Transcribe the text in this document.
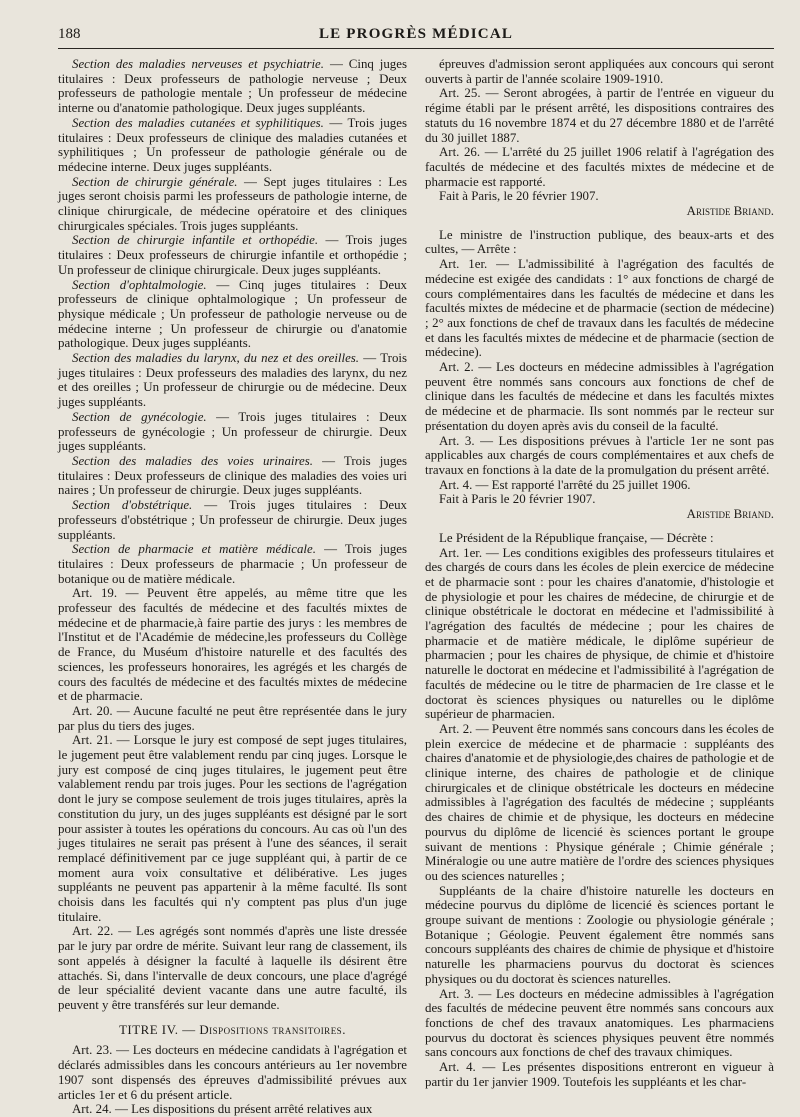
188	LE PROGRÈS MÉDICAL

Section des maladies nerveuses et psychiatrie. — Cinq juges titulaires : Deux professeurs de pathologie nerveuse ; Deux professeurs de pathologie mentale ; Un professeur de médecine interne ou d'anatomie pathologique. Deux juges suppléants.

Section des maladies cutanées et syphilitiques. — Trois juges titulaires : Deux professeurs de clinique des maladies cutanées et syphilitiques ; Un professeur de pathologie générale ou de médecine interne. Deux juges suppléants.

Section de chirurgie générale. — Sept juges titulaires : Les juges seront choisis parmi les professeurs de pathologie interne, de clinique chirurgicale, de médecine opératoire et des cliniques chirurgicales spéciales. Trois juges suppléants.

Section de chirurgie infantile et orthopédie. — Trois juges titulaires : Deux professeurs de chirurgie infantile et orthopédie ; Un professeur de clinique chirurgicale. Deux juges suppléants.

Section d'ophtalmologie. — Cinq juges titulaires : Deux professeurs de clinique ophtalmologique ; Un professeur de physique médicale ; Un professeur de pathologie nerveuse ou de médecine interne ; Un professeur de chirurgie ou d'anatomie pathologique. Deux juges suppléants.

Section des maladies du larynx, du nez et des oreilles. — Trois juges titulaires : Deux professeurs des maladies des larynx, du nez et des oreilles ; Un professeur de chirurgie ou de médecine. Deux juges suppléants.

Section de gynécologie. — Trois juges titulaires : Deux professeurs de gynécologie ; Un professeur de chirurgie. Deux juges suppléants.

Section des maladies des voies urinaires. — Trois juges titulaires : Deux professeurs de clinique des maladies des voies uri naires ; Un professeur de chirurgie. Deux juges suppléants.

Section d'obstétrique. — Trois juges titulaires : Deux professeurs d'obstétrique ; Un professeur de chirurgie. Deux juges suppléants.

Section de pharmacie et matière médicale. — Trois juges titulaires : Deux professeurs de pharmacie ; Un professeur de botanique ou de matière médicale.

Art. 19. — Peuvent être appelés, au même titre que les professeur des facultés de médecine et des facultés mixtes de médecine et de pharmacie,à faire partie des jurys : les membres de l'Institut et de l'Académie de médecine,les professeurs du Collège de France, du Muséum d'histoire naturelle et des facultés des sciences, les professeurs honoraires, les agrégés et les chargés de cours des facultés de médecine et des facultés mixtes de médecine et de pharmacie.

Art. 20. — Aucune faculté ne peut être représentée dans le jury par plus du tiers des juges.

Art. 21. — Lorsque le jury est composé de sept juges titulaires, le jugement peut être valablement rendu par cinq juges. Lorsque le jury est composé de cinq juges titulaires, le jugement peut être valablement rendu par trois juges. Pour les sections de l'agrégation dont le jury se compose seulement de trois juges titulaires, après la constitution du jury, un des juges suppléants est désigné par le sort pour assister à toutes les opérations du concours. Au cas où l'un des juges titulaires ne serait pas présent à l'une des séances, il serait remplacé définitivement par ce juge suppléant qui, à partir de ce moment aura voix consultative et délibérative. Les juges suppléants ne peuvent pas appartenir à la même faculté. Ils sont choisis dans les facultés qui n'y comptent pas plus d'un juge titulaire.

Art. 22. — Les agrégés sont nommés d'après une liste dressée par le jury par ordre de mérite. Suivant leur rang de classement, ils sont appelés à désigner la faculté à laquelle ils désirent être attachés. Si, dans l'intervalle de deux concours, une place d'agrégé de leur spécialité devient vacante dans une autre faculté, ils peuvent y être transférés sur leur demande.

TITRE IV. — Dispositions transitoires.

Art. 23. — Les docteurs en médecine candidats à l'agrégation et déclarés admissibles dans les concours antérieurs au 1er novembre 1907 sont dispensés des épreuves d'admissibilité prévues aux articles 1er et 6 du présent article.

Art. 24. — Les dispositions du présent arrêté relatives aux

épreuves d'admission seront appliquées aux concours qui seront ouverts à partir de l'année scolaire 1909-1910.

Art. 25. — Seront abrogées, à partir de l'entrée en vigueur du régime établi par le présent arrêté, les dispositions contraires des statuts du 16 novembre 1874 et du 27 décembre 1880 et de l'arrêté du 30 juillet 1887.

Art. 26. — L'arrêté du 25 juillet 1906 relatif à l'agrégation des facultés de médecine et des facultés mixtes de médecine et de pharmacie est rapporté.

Fait à Paris, le 20 février 1907.

Aristide Briand.

Le ministre de l'instruction publique, des beaux-arts et des cultes, — Arrête :

Art. 1er. — L'admissibilité à l'agrégation des facultés de médecine est exigée des candidats : 1° aux fonctions de chargé de cours complémentaires dans les facultés de médecine et dans les facultés mixtes de médecine et de pharmacie (section de médecine) ; 2° aux fonctions de chef de travaux dans les facultés de médecine et dans les facultés mixtes de médecine et de pharmacie (section de médecine).

Art. 2. — Les docteurs en médecine admissibles à l'agrégation peuvent être nommés sans concours aux fonctions de chef de clinique dans les facultés de médecine et dans les facultés mixtes de médecine et de pharmacie. Ils sont nommés par le recteur sur présentation du doyen après avis du conseil de la faculté.

Art. 3. — Les dispositions prévues à l'article 1er ne sont pas applicables aux chargés de cours complémentaires et aux chefs de travaux en fonctions à la date de la promulgation du présent arrêté.

Art. 4. — Est rapporté l'arrêté du 25 juillet 1906.

Fait à Paris le 20 février 1907.

Aristide Briand.

Le Président de la République française, — Décrète :

Art. 1er. — Les conditions exigibles des professeurs titulaires et des chargés de cours dans les écoles de plein exercice de médecine et de pharmacie sont : pour les chaires d'anatomie, d'histologie et de physiologie et pour les chaires de médecine, de chirurgie et de clinique obstétricale le doctorat en médecine et l'admissibilité à l'agrégation des facultés de médecine ; pour les chaires de pharmacie et de matière médicale, le diplôme supérieur de pharmacien ; pour les chaires de physique, de chimie et d'histoire naturelle le doctorat en médecine et l'admissibilité à l'agrégation de facultés de médecine ou le titre de pharmacien de 1re classe et le doctorat ès sciences physiques ou naturelles ou le diplôme supérieur de pharmacien.

Art. 2. — Peuvent être nommés sans concours dans les écoles de plein exercice de médecine et de pharmacie : suppléants des chaires d'anatomie et de physiologie,des chaires de pathologie et de clinique interne, des chaires de pathologie et de clinique chirurgicales et de clinique obstétricale les docteurs en médecine admissibles à l'agrégation des facultés de médecine ; suppléants des chaires de chimie et de physique, les docteurs en médecine pourvus du diplôme de licencié ès sciences portant le groupe suivant de mentions : Physique générale ; Chimie générale ; Minéralogie ou une autre matière de l'ordre des sciences physiques ou des sciences naturelles ;

Suppléants de la chaire d'histoire naturelle les docteurs en médecine pourvus du diplôme de licencié ès sciences portant le groupe suivant de mentions : Zoologie ou physiologie générale ; Botanique ; Géologie. Peuvent également être nommés sans concours suppléants des chaires de chimie de physique et d'histoire naturelle les pharmaciens pourvus du doctorat ès sciences physiques ou du doctorat ès sciences naturelles.

Art. 3. — Les docteurs en médecine admissibles à l'agrégation des facultés de médecine peuvent être nommés sans concours aux fonctions de chef des travaux anatomiques. Les pharmaciens pourvus du doctorat ès sciences physiques peuvent être nommés sans concours aux fonctions de chef des travaux chimiques.

Art. 4. — Les présentes dispositions entreront en vigueur à partir du 1er janvier 1909. Toutefois les suppléants et les char-
